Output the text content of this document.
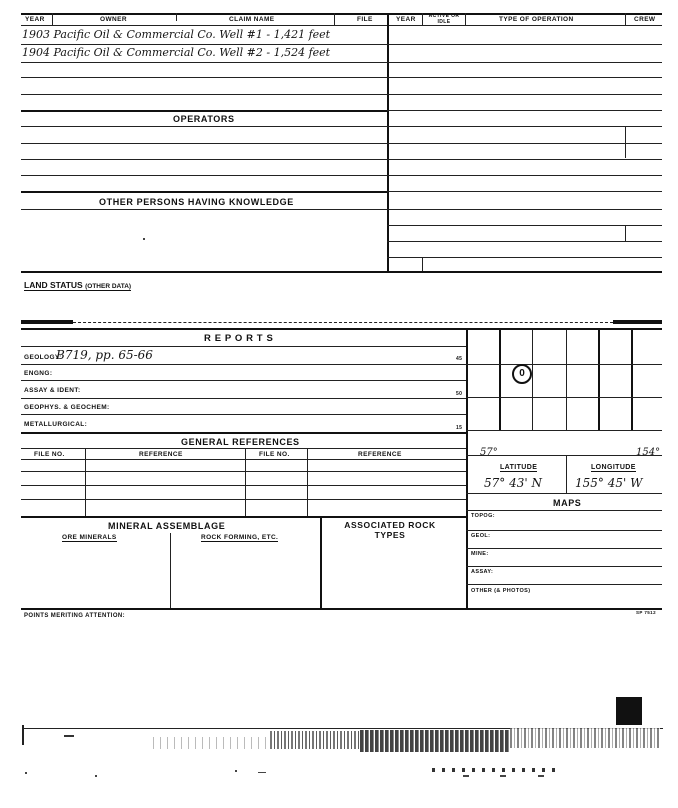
YEAR	OWNER	CLAIM NAME	FILE	YEAR	ACTIVE OR IDLE	TYPE OF OPERATION	CREW
1903 Pacific Oil & Commercial Co. Well #1 - 1,421 feet
1904 Pacific Oil & Commercial Co. Well #2 - 1,524 feet
OPERATORS
OTHER PERSONS HAVING KNOWLEDGE
LAND STATUS (OTHER DATA)
R E P O R T S
GEOLOGY:
B719, pp. 65-66	45
ENGNG:
ASSAY & IDENT:	50
GEOPHYS. & GEOCHEM:
METALLURGICAL:	15
GENERAL REFERENCES
FILE NO.	REFERENCE	FILE NO.	REFERENCE
MINERAL ASSEMBLAGE
ORE MINERALS	ROCK FORMING, ETC.
ASSOCIATED ROCK TYPES
0
57°	154°
LATITUDE	LONGITUDE
57° 43' N	155° 45' W
MAPS
TOPOG:
GEOL:
MINE:
ASSAY:
OTHER (& PHOTOS)
POINTS MERITING ATTENTION:
SP 7512
